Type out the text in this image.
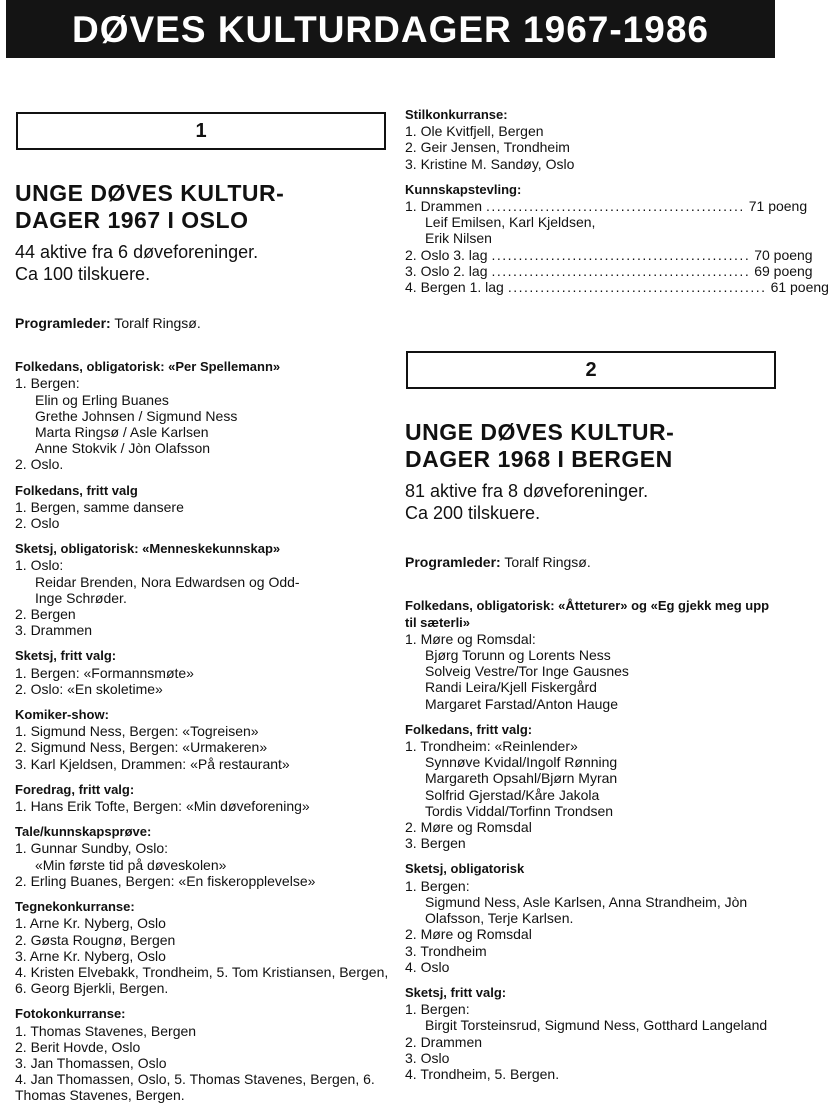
DØVES KULTURDAGER 1967-1986
1
UNGE DØVES KULTUR-
DAGER 1967 I OSLO
44 aktive fra 6 døveforeninger.
Ca 100 tilskuere.
Programleder: Toralf Ringsø.
Folkedans, obligatorisk: «Per Spellemann»
1. Bergen:
Elin og Erling Buanes
Grethe Johnsen / Sigmund Ness
Marta Ringsø / Asle Karlsen
Anne Stokvik / Jòn Olafsson
2. Oslo.
Folkedans, fritt valg
1. Bergen, samme dansere
2. Oslo
Sketsj, obligatorisk: «Menneskekunnskap»
1. Oslo:
Reidar Brenden, Nora Edwardsen og Odd-
Inge Schrøder.
2. Bergen
3. Drammen
Sketsj, fritt valg:
1. Bergen: «Formannsmøte»
2. Oslo: «En skoletime»
Komiker-show:
1. Sigmund Ness, Bergen: «Togreisen»
2. Sigmund Ness, Bergen: «Urmakeren»
3. Karl Kjeldsen, Drammen: «På restaurant»
Foredrag, fritt valg:
1. Hans Erik Tofte, Bergen: «Min døveforening»
Tale/kunnskapsprøve:
1. Gunnar Sundby, Oslo:
«Min første tid på døveskolen»
2. Erling Buanes, Bergen: «En fiskeropplevelse»
Tegnekonkurranse:
1. Arne Kr. Nyberg, Oslo
2. Gøsta Rougnø, Bergen
3. Arne Kr. Nyberg, Oslo
4. Kristen Elvebakk, Trondheim, 5. Tom Kristiansen, Bergen, 6. Georg Bjerkli, Bergen.
Fotokonkurranse:
1. Thomas Stavenes, Bergen
2. Berit Hovde, Oslo
3. Jan Thomassen, Oslo
4. Jan Thomassen, Oslo, 5. Thomas Stavenes, Bergen, 6. Thomas Stavenes, Bergen.
Stilkonkurranse:
1. Ole Kvitfjell, Bergen
2. Geir Jensen, Trondheim
3. Kristine M. Sandøy, Oslo
Kunnskapstevling:
1. Drammen ................................................ 71 poeng
Leif Emilsen, Karl Kjeldsen,
Erik Nilsen
2. Oslo 3. lag ................................................ 70 poeng
3. Oslo 2. lag ................................................ 69 poeng
4. Bergen 1. lag ................................................ 61 poeng
2
UNGE DØVES KULTUR-
DAGER 1968 I BERGEN
81 aktive fra 8 døveforeninger.
Ca 200 tilskuere.
Programleder: Toralf Ringsø.
Folkedans, obligatorisk: «Åtteturer» og «Eg gjekk meg upp til sæterli»
1. Møre og Romsdal:
Bjørg Torunn og Lorents Ness
Solveig Vestre/Tor Inge Gausnes
Randi Leira/Kjell Fiskergård
Margaret Farstad/Anton Hauge
Folkedans, fritt valg:
1. Trondheim: «Reinlender»
Synnøve Kvidal/Ingolf Rønning
Margareth Opsahl/Bjørn Myran
Solfrid Gjerstad/Kåre Jakola
Tordis Viddal/Torfinn Trondsen
2. Møre og Romsdal
3. Bergen
Sketsj, obligatorisk
1. Bergen:
Sigmund Ness, Asle Karlsen, Anna Strandheim, Jòn Olafsson, Terje Karlsen.
2. Møre og Romsdal
3. Trondheim
4. Oslo
Sketsj, fritt valg:
1. Bergen:
Birgit Torsteinsrud, Sigmund Ness, Gotthard Langeland
2. Drammen
3. Oslo
4. Trondheim, 5. Bergen.
